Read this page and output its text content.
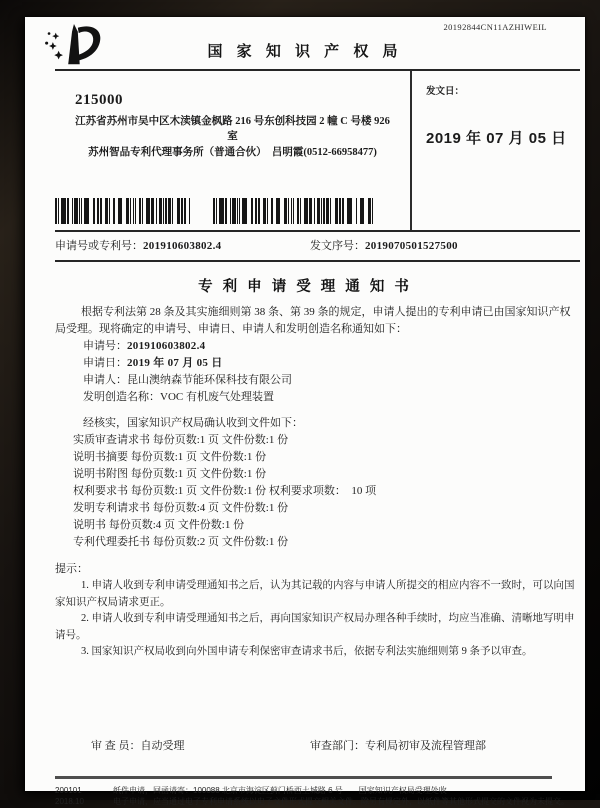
20192844CN11AZHIWEIL
国 家 知 识 产 权 局
215000
江苏省苏州市吴中区木渎镇金枫路 216 号东创科技园 2 幢 C 号楼 926
室
苏州智品专利代理事务所（普通合伙）　吕明霞(0512-66958477)
发文日：
2019 年 07 月 05 日
申请号或专利号：201910603802.4	发文序号：2019070501527500
专 利 申 请 受 理 通 知 书
根据专利法第 28 条及其实施细则第 38 条、第 39 条的规定，申请人提出的专利申请已由国家知识产权局受理。现将确定的申请号、申请日、申请人和发明创造名称通知如下：
申请号：201910603802.4
申请日：2019 年 07 月 05 日
申请人：昆山澳纳森节能环保科技有限公司
发明创造名称：VOC 有机废气处理装置
经核实，国家知识产权局确认收到文件如下：
实质审查请求书 每份页数:1 页 文件份数:1 份
说明书摘要 每份页数:1 页 文件份数:1 份
说明书附图 每份页数:1 页 文件份数:1 份
权利要求书 每份页数:1 页 文件份数:1 份 权利要求项数：　10 项
发明专利请求书 每份页数:4 页 文件份数:1 份
说明书 每份页数:4 页 文件份数:1 份
专利代理委托书 每份页数:2 页 文件份数:1 份
提示：
1. 申请人收到专利申请受理通知书之后，认为其记载的内容与申请人所提交的相应内容不一致时，可以向国家知识产权局请求更正。
2. 申请人收到专利申请受理通知书之后，再向国家知识产权局办理各种手续时，均应当准确、清晰地写明申请号。
3. 国家知识产权局收到向外国申请专利保密审查请求书后，依据专利法实施细则第 9 条予以审查。
审 查 员：自动受理	审查部门：专利局初审及流程管理部
200101
2018.10
纸件申请，回函请寄：100088 北京市海淀区蓟门桥西土城路 6 号　　国家知识产权局受理处收
电子申请，应当通过电子专利申请系统以电子文件形式提交相关文件。除另有规定外，以纸件等其他形式提交的文件视为未提交。
